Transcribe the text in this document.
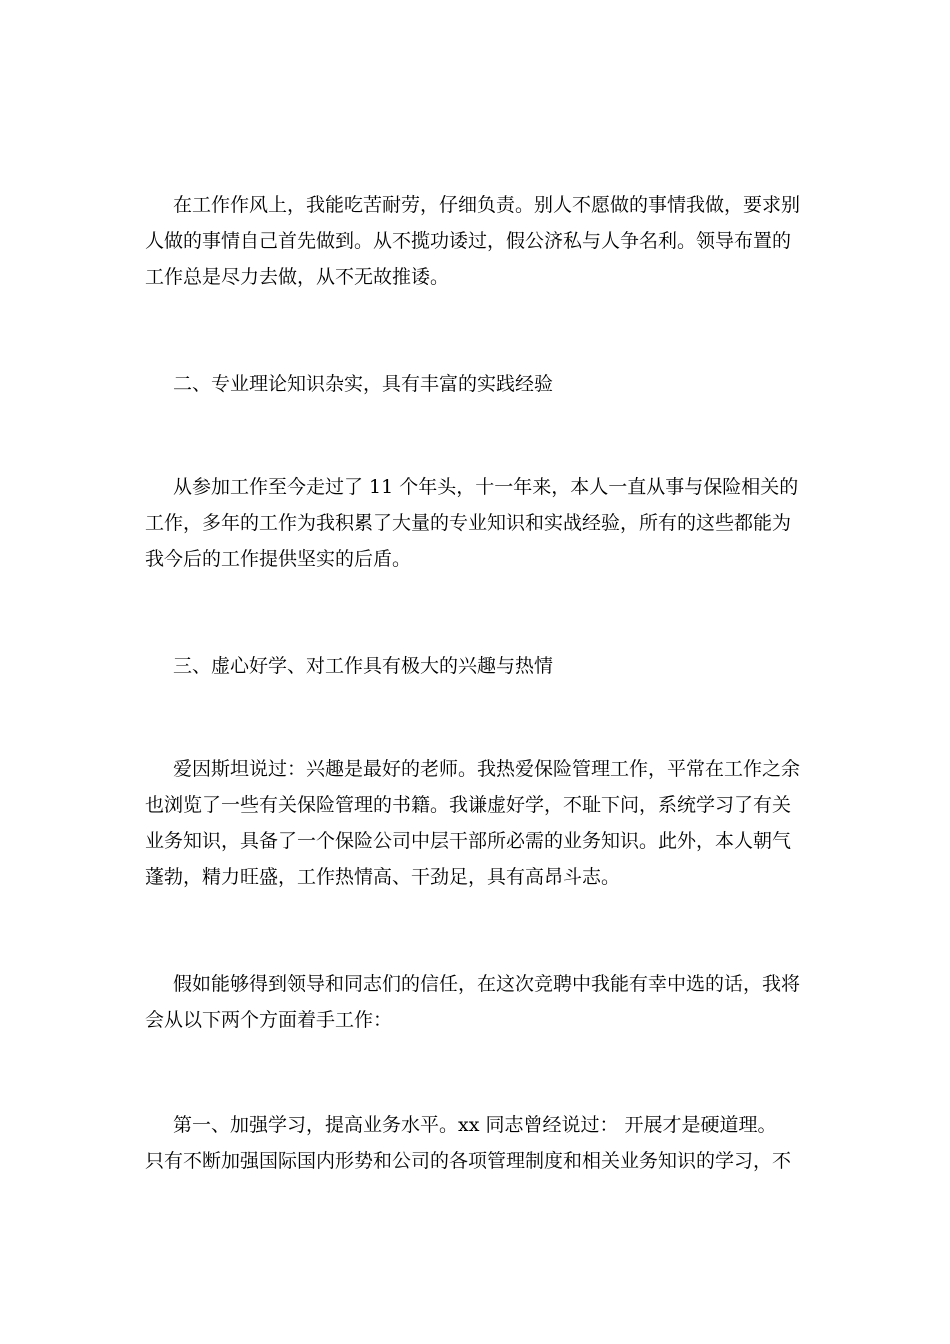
在工作作风上，我能吃苦耐劳，仔细负责。别人不愿做的事情我做，要求别
人做的事情自己首先做到。从不揽功诿过，假公济私与人争名利。领导布置的
工作总是尽力去做，从不无故推诿。
二、专业理论知识杂实，具有丰富的实践经验
从参加工作至今走过了 11 个年头，十一年来，本人一直从事与保险相关的
工作，多年的工作为我积累了大量的专业知识和实战经验，所有的这些都能为
我今后的工作提供坚实的后盾。
三、虚心好学、对工作具有极大的兴趣与热情
爱因斯坦说过：兴趣是最好的老师。我热爱保险管理工作，平常在工作之余
也浏览了一些有关保险管理的书籍。我谦虚好学，不耻下问，系统学习了有关
业务知识，具备了一个保险公司中层干部所必需的业务知识。此外，本人朝气
蓬勃，精力旺盛，工作热情高、干劲足，具有高昂斗志。
假如能够得到领导和同志们的信任，在这次竞聘中我能有幸中选的话，我将
会从以下两个方面着手工作：
第一、加强学习，提高业务水平。xx 同志曾经说过： 开展才是硬道理。
只有不断加强国际国内形势和公司的各项管理制度和相关业务知识的学习，不
